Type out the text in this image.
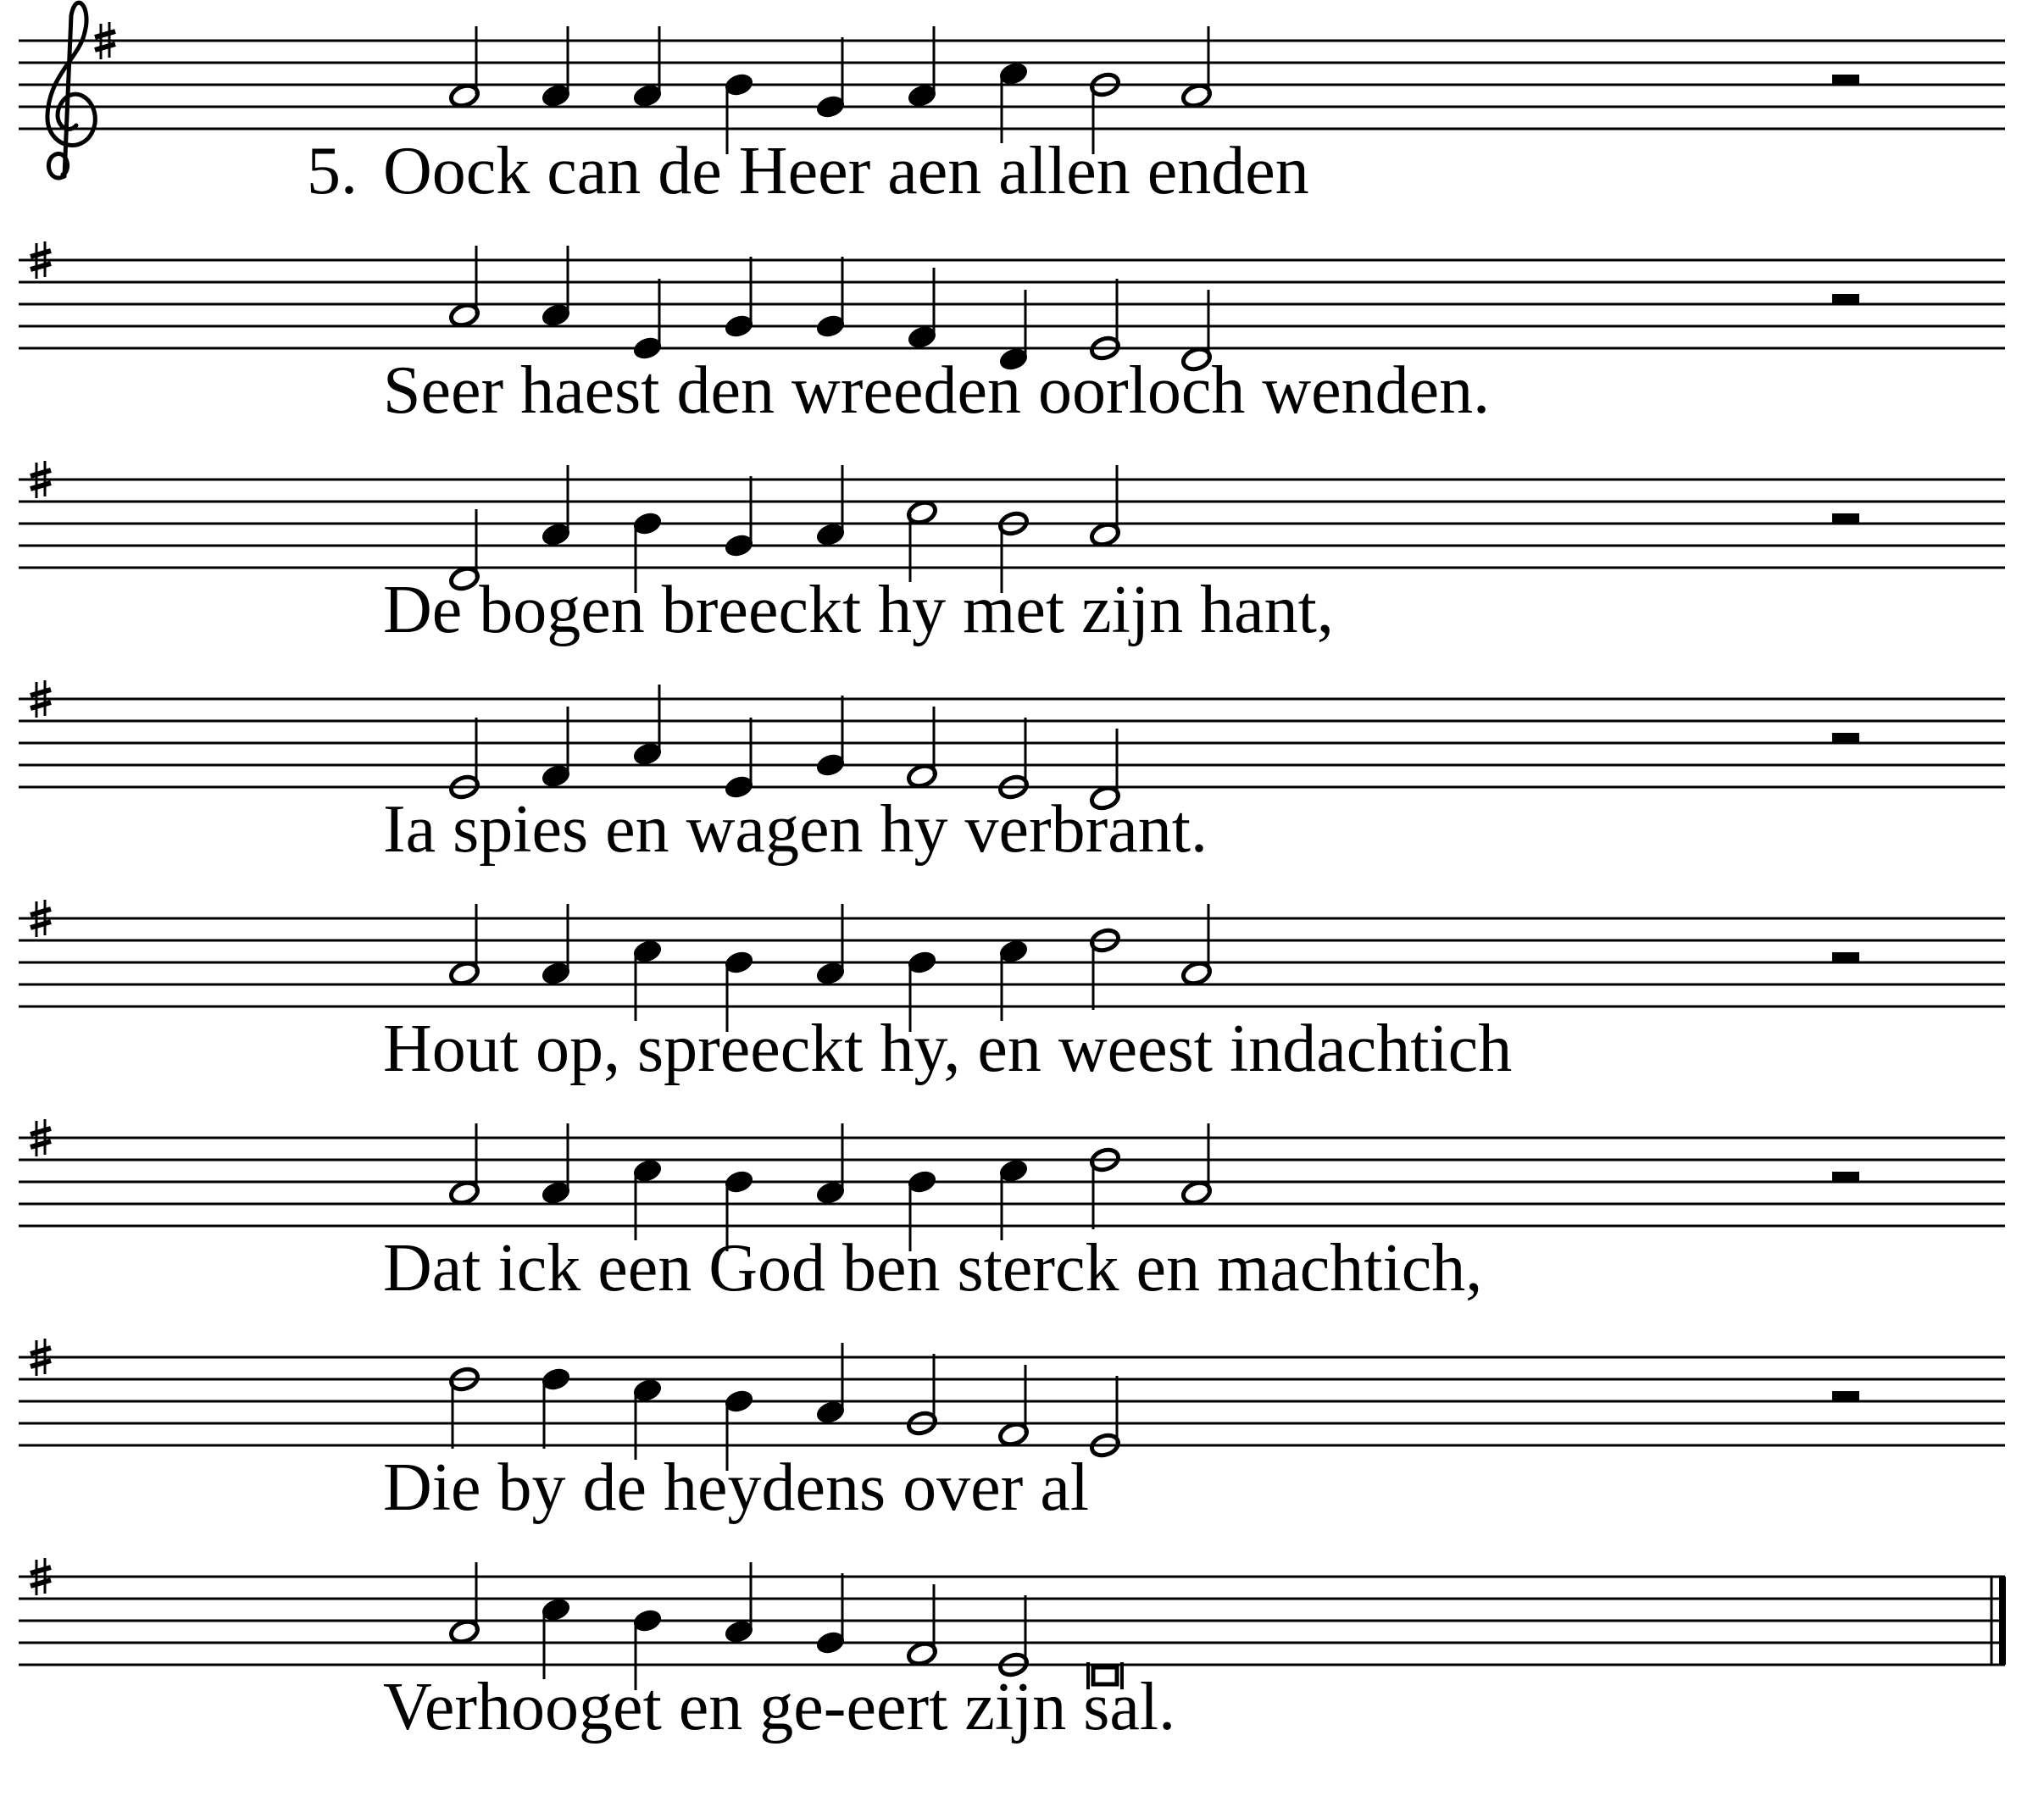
5. Oock can de Heer aen allen enden
Seer haest den wreeden oorloch wenden.
De bogen breeckt hy met zijn hant,
Ia spies en wagen hy verbrant.
Hout op, spreeckt hy, en weest indachtich
Dat ick een God ben sterck en machtich,
Die by de heydens over al
Verhooget en ge-eert zijn sal.
